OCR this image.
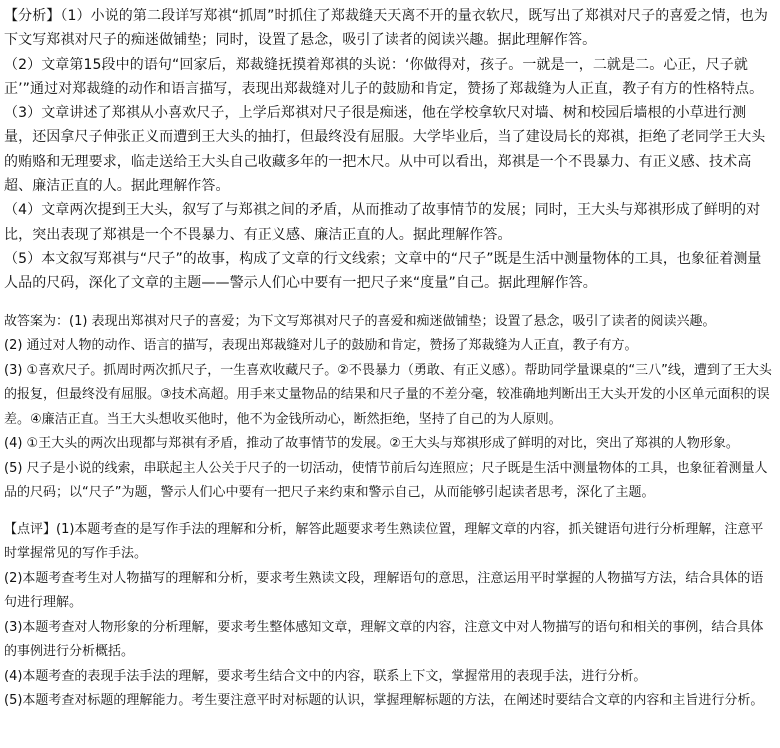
【分析】（1）小说的第二段详写郑祺“抓周”时抓住了郑裁缝天天离不开的量衣软尺，既写出了郑祺对尺子的喜爱之情，也为下文写郑祺对尺子的痴迷做铺垫；同时，设置了悬念，吸引了读者的阅读兴趣。据此理解作答。

（2）文章第15段中的语句“回家后，郑裁缝抚摸着郑祺的头说：‘你做得对，孩子。一就是一，二就是二。心正，尺子就正’”通过对郑裁缝的动作和语言描写，表现出郑裁缝对儿子的鼓励和肯定，赞扬了郑裁缝为人正直，教子有方的性格特点。

（3）文章讲述了郑祺从小喜欢尺子，上学后郑祺对尺子很是痴迷，他在学校拿软尺对墙、树和校园后墙根的小草进行测量，还因拿尺子伸张正义而遭到王大头的抽打，但最终没有屈服。大学毕业后，当了建设局长的郑祺，拒绝了老同学王大头的贿赂和无理要求，临走送给王大头自己收藏多年的一把木尺。从中可以看出，郑祺是一个不畏暴力、有正义感、技术高超、廉洁正直的人。据此理解作答。

（4）文章两次提到王大头，叙写了与郑祺之间的矛盾，从而推动了故事情节的发展；同时，王大头与郑祺形成了鲜明的对比，突出表现了郑祺是一个不畏暴力、有正义感、廉洁正直的人。据此理解作答。

（5）本文叙写郑祺与“尺子”的故事，构成了文章的行文线索；文章中的“尺子”既是生活中测量物体的工具，也象征着测量人品的尺码，深化了文章的主题——警示人们心中要有一把尺子来“度量”自己。据此理解作答。

故答案为：(1) 表现出郑祺对尺子的喜爱；为下文写郑祺对尺子的喜爱和痴迷做铺垫；设置了悬念，吸引了读者的阅读兴趣。

(2) 通过对人物的动作、语言的描写，表现出郑裁缝对儿子的鼓励和肯定，赞扬了郑裁缝为人正直，教子有方。

(3) ①喜欢尺子。抓周时两次抓尺子，一生喜欢收藏尺子。②不畏暴力（勇敢、有正义感）。帮助同学量课桌的“三八”线，遭到了王大头的报复，但最终没有屈服。③技术高超。用手来丈量物品的结果和尺子量的不差分毫，较准确地判断出王大头开发的小区单元面积的误差。④廉洁正直。当王大头想收买他时，他不为金钱所动心，断然拒绝，坚持了自己的为人原则。

(4) ①王大头的两次出现都与郑祺有矛盾，推动了故事情节的发展。②王大头与郑祺形成了鲜明的对比，突出了郑祺的人物形象。

(5) 尺子是小说的线索，串联起主人公关于尺子的一切活动，使情节前后勾连照应；尺子既是生活中测量物体的工具，也象征着测量人品的尺码；以“尺子”为题，警示人们心中要有一把尺子来约束和警示自己，从而能够引起读者思考，深化了主题。

【点评】(1)本题考查的是写作手法的理解和分析，解答此题要求考生熟读位置，理解文章的内容，抓关键语句进行分析理解，注意平时掌握常见的写作手法。

(2)本题考查考生对人物描写的理解和分析，要求考生熟读文段，理解语句的意思，注意运用平时掌握的人物描写方法，结合具体的语句进行理解。

(3)本题考查对人物形象的分析理解，要求考生整体感知文章，理解文章的内容，注意文中对人物描写的语句和相关的事例，结合具体的事例进行分析概括。

(4)本题考查的表现手法手法的理解，要求考生结合文中的内容，联系上下文，掌握常用的表现手法，进行分析。

(5)本题考查对标题的理解能力。考生要注意平时对标题的认识，掌握理解标题的方法，在阐述时要结合文章的内容和主旨进行分析。
